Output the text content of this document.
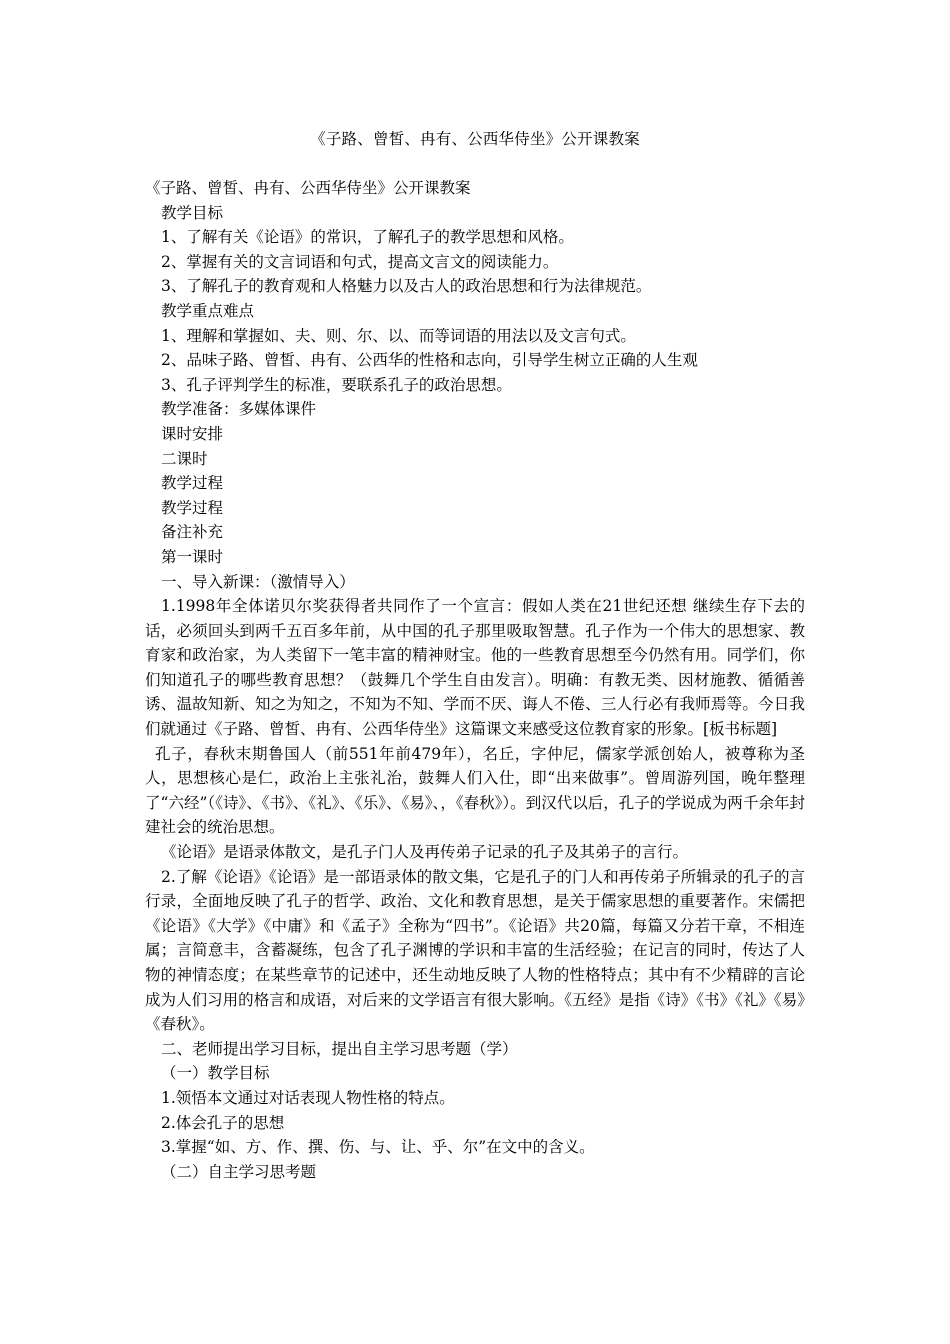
《子路、曾皙、冉有、公西华侍坐》公开课教案

《子路、曾皙、冉有、公西华侍坐》公开课教案

教学目标

1、了解有关《论语》的常识，了解孔子的教学思想和风格。

2、掌握有关的文言词语和句式，提高文言文的阅读能力。

3、了解孔子的教育观和人格魅力以及古人的政治思想和行为法律规范。

教学重点难点

1、理解和掌握如、夫、则、尔、以、而等词语的用法以及文言句式。

2、品味子路、曾皙、冉有、公西华的性格和志向，引导学生树立正确的人生观

3、孔子评判学生的标准，要联系孔子的政治思想。

教学准备：多媒体课件

课时安排

二课时

教学过程

教学过程

备注补充

第一课时

一、导入新课：（激情导入）

1.1998年全体诺贝尔奖获得者共同作了一个宣言：假如人类在21世纪还想 继续生存下去的话，必须回头到两千五百多年前，从中国的孔子那里吸取智慧。孔子作为一个伟大的思想家、教育家和政治家，为人类留下一笔丰富的精神财宝。他的一些教育思想至今仍然有用。同学们，你们知道孔子的哪些教育思想？（鼓舞几个学生自由发言）。明确：有教无类、因材施教、循循善诱、温故知新、知之为知之，不知为不知、学而不厌、诲人不倦、三人行必有我师焉等。今日我们就通过《子路、曾皙、冉有、公西华侍坐》这篇课文来感受这位教育家的形象。[板书标题]

孔子，春秋末期鲁国人（前551年前479年），名丘，字仲尼，儒家学派创始人，被尊称为圣人，思想核心是仁，政治上主张礼治，鼓舞人们入仕，即“出来做事”。曾周游列国，晚年整理了“六经”（《诗》、《书》、《礼》、《乐》、《易》、，《春秋》）。到汉代以后，孔子的学说成为两千余年封建社会的统治思想。

《论语》是语录体散文，是孔子门人及再传弟子记录的孔子及其弟子的言行。

2.了解《论语》《论语》是一部语录体的散文集，它是孔子的门人和再传弟子所辑录的孔子的言行录，全面地反映了孔子的哲学、政治、文化和教育思想，是关于儒家思想的重要著作。宋儒把《论语》《大学》《中庸》和《孟子》全称为“四书”。《论语》共20篇，每篇又分若干章，不相连属；言简意丰，含蓄凝练，包含了孔子渊博的学识和丰富的生活经验；在记言的同时，传达了人物的神情态度；在某些章节的记述中，还生动地反映了人物的性格特点；其中有不少精辟的言论成为人们习用的格言和成语，对后来的文学语言有很大影响。《五经》是指《诗》《书》《礼》《易》《春秋》。

二、老师提出学习目标，提出自主学习思考题（学）

（一）教学目标

1.领悟本文通过对话表现人物性格的特点。

2.体会孔子的思想

3.掌握“如、方、作、撰、伤、与、让、乎、尔”在文中的含义。

（二）自主学习思考题
